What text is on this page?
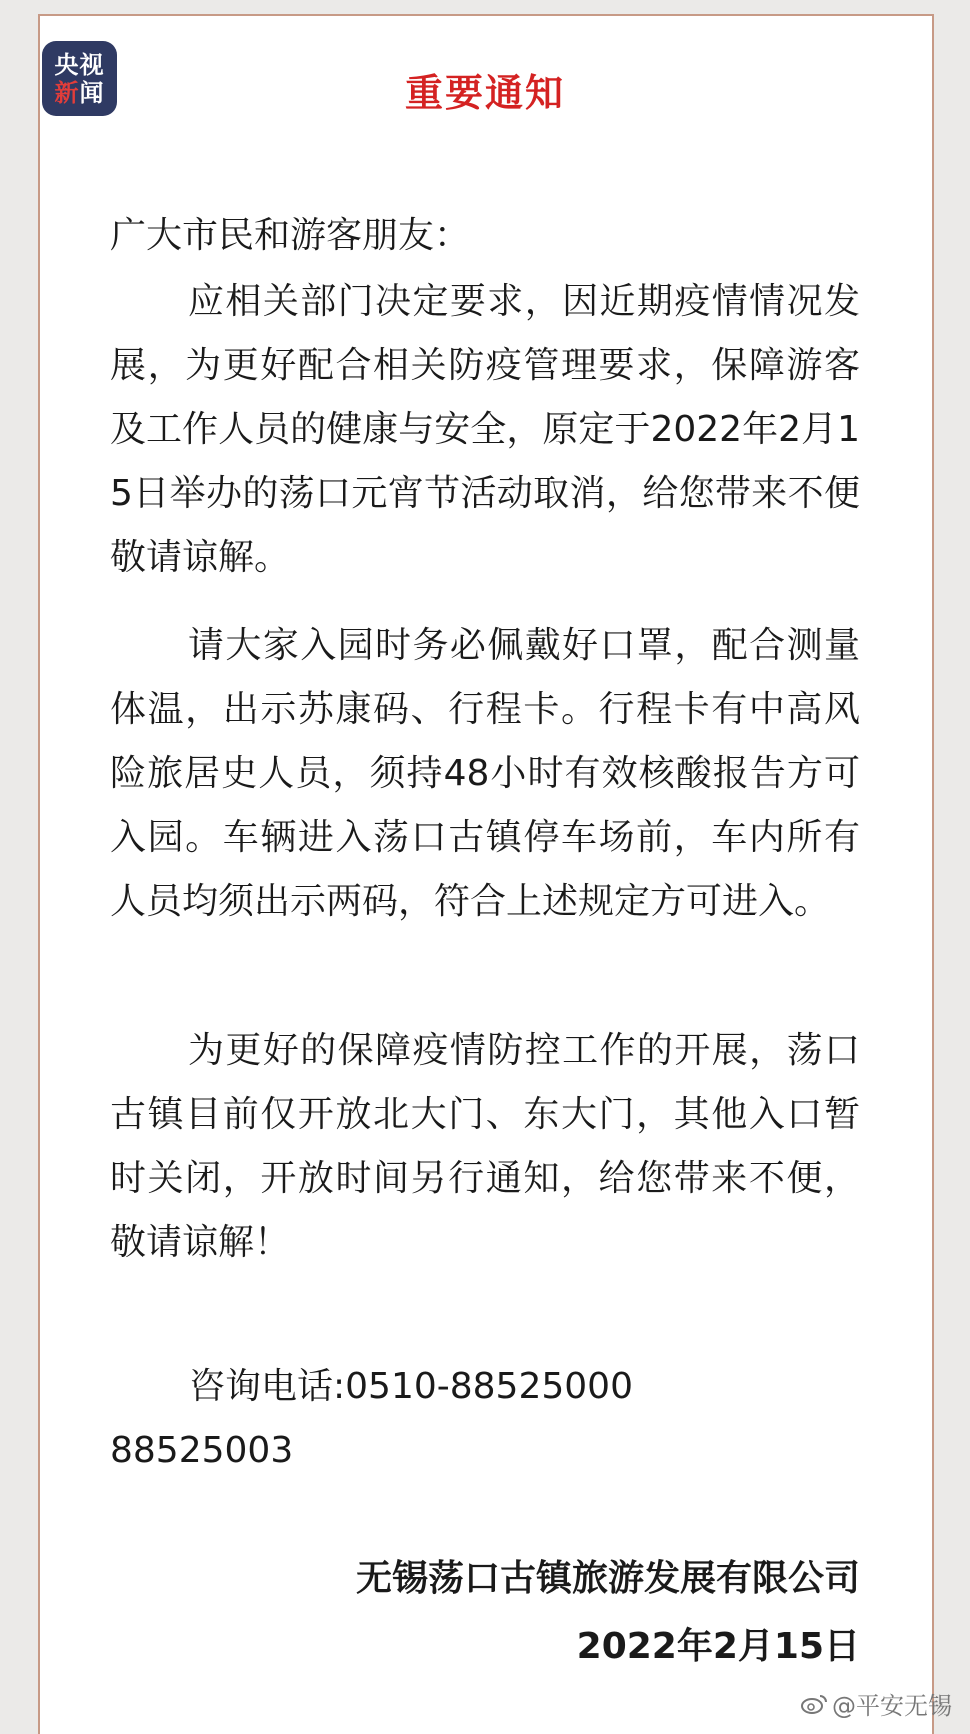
央视
新闻	重要通知
广大市民和游客朋友：
应相关部门决定要求，因近期疫情情况发展，为更好配合相关防疫管理要求，保障游客及工作人员的健康与安全，原定于2022年2月15日举办的荡口元宵节活动取消，给您带来不便敬请谅解。
请大家入园时务必佩戴好口罩，配合测量体温，出示苏康码、行程卡。行程卡有中高风险旅居史人员，须持48小时有效核酸报告方可入园。车辆进入荡口古镇停车场前，车内所有人员均须出示两码，符合上述规定方可进入。
为更好的保障疫情防控工作的开展，荡口古镇目前仅开放北大门、东大门，其他入口暂时关闭，开放时间另行通知，给您带来不便，敬请谅解！
咨询电话:0510-88525000
88525003
无锡荡口古镇旅游发展有限公司
2022年2月15日
@平安无锡
